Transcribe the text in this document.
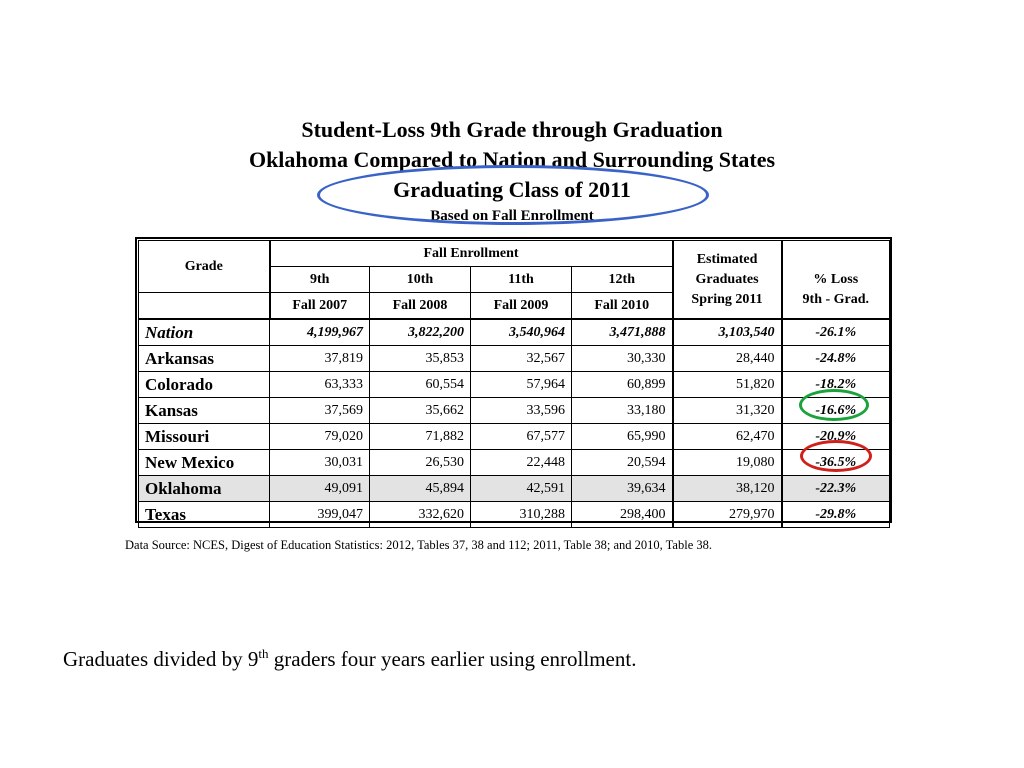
Student-Loss 9th Grade through Graduation
Oklahoma Compared to Nation and Surrounding States
Graduating Class of 2011
Based on Fall Enrollment
Grade	Fall Enrollment				Estimated
Graduates
Spring 2011	% Loss
9th - Grad.
	9th	10th	11th	12th		
	Fall 2007	Fall 2008	Fall 2009	Fall 2010		
Nation	4,199,967	3,822,200	3,540,964	3,471,888	3,103,540	-26.1%
Arkansas	37,819	35,853	32,567	30,330	28,440	-24.8%
Colorado	63,333	60,554	57,964	60,899	51,820	-18.2%
Kansas	37,569	35,662	33,596	33,180	31,320	-16.6%
Missouri	79,020	71,882	67,577	65,990	62,470	-20.9%
New Mexico	30,031	26,530	22,448	20,594	19,080	-36.5%
Oklahoma	49,091	45,894	42,591	39,634	38,120	-22.3%
Texas	399,047	332,620	310,288	298,400	279,970	-29.8%
Data Source: NCES, Digest of Education Statistics: 2012, Tables 37, 38 and 112; 2011, Table 38; and 2010, Table 38.
Graduates divided by 9th graders four years earlier using enrollment.
